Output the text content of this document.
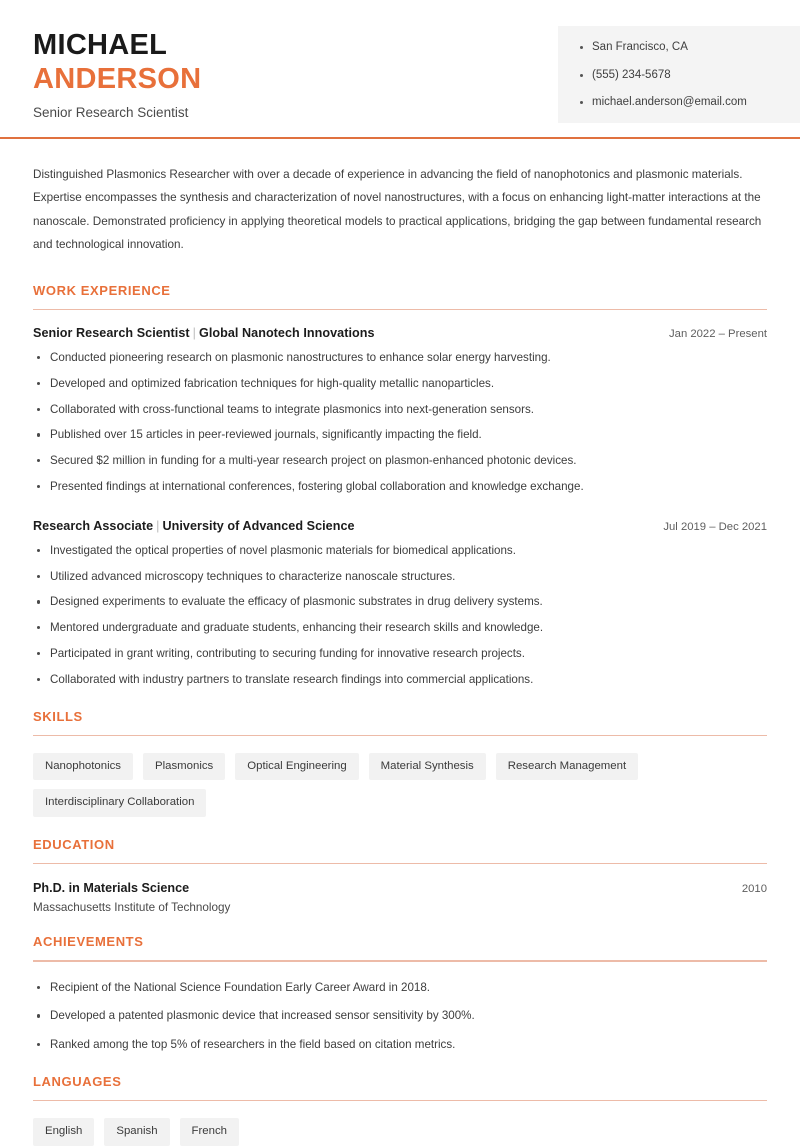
MICHAEL
ANDERSON
Senior Research Scientist
San Francisco, CA
(555) 234-5678
michael.anderson@email.com
Distinguished Plasmonics Researcher with over a decade of experience in advancing the field of nanophotonics and plasmonic materials. Expertise encompasses the synthesis and characterization of novel nanostructures, with a focus on enhancing light-matter interactions at the nanoscale. Demonstrated proficiency in applying theoretical models to practical applications, bridging the gap between fundamental research and technological innovation.
WORK EXPERIENCE
Senior Research Scientist | Global Nanotech Innovations	Jan 2022 – Present
Conducted pioneering research on plasmonic nanostructures to enhance solar energy harvesting.
Developed and optimized fabrication techniques for high-quality metallic nanoparticles.
Collaborated with cross-functional teams to integrate plasmonics into next-generation sensors.
Published over 15 articles in peer-reviewed journals, significantly impacting the field.
Secured $2 million in funding for a multi-year research project on plasmon-enhanced photonic devices.
Presented findings at international conferences, fostering global collaboration and knowledge exchange.
Research Associate | University of Advanced Science	Jul 2019 – Dec 2021
Investigated the optical properties of novel plasmonic materials for biomedical applications.
Utilized advanced microscopy techniques to characterize nanoscale structures.
Designed experiments to evaluate the efficacy of plasmonic substrates in drug delivery systems.
Mentored undergraduate and graduate students, enhancing their research skills and knowledge.
Participated in grant writing, contributing to securing funding for innovative research projects.
Collaborated with industry partners to translate research findings into commercial applications.
SKILLS
Nanophotonics	Plasmonics	Optical Engineering	Material Synthesis	Research Management
Interdisciplinary Collaboration
EDUCATION
Ph.D. in Materials Science	2010
Massachusetts Institute of Technology
ACHIEVEMENTS
Recipient of the National Science Foundation Early Career Award in 2018.
Developed a patented plasmonic device that increased sensor sensitivity by 300%.
Ranked among the top 5% of researchers in the field based on citation metrics.
LANGUAGES
English	Spanish	French
